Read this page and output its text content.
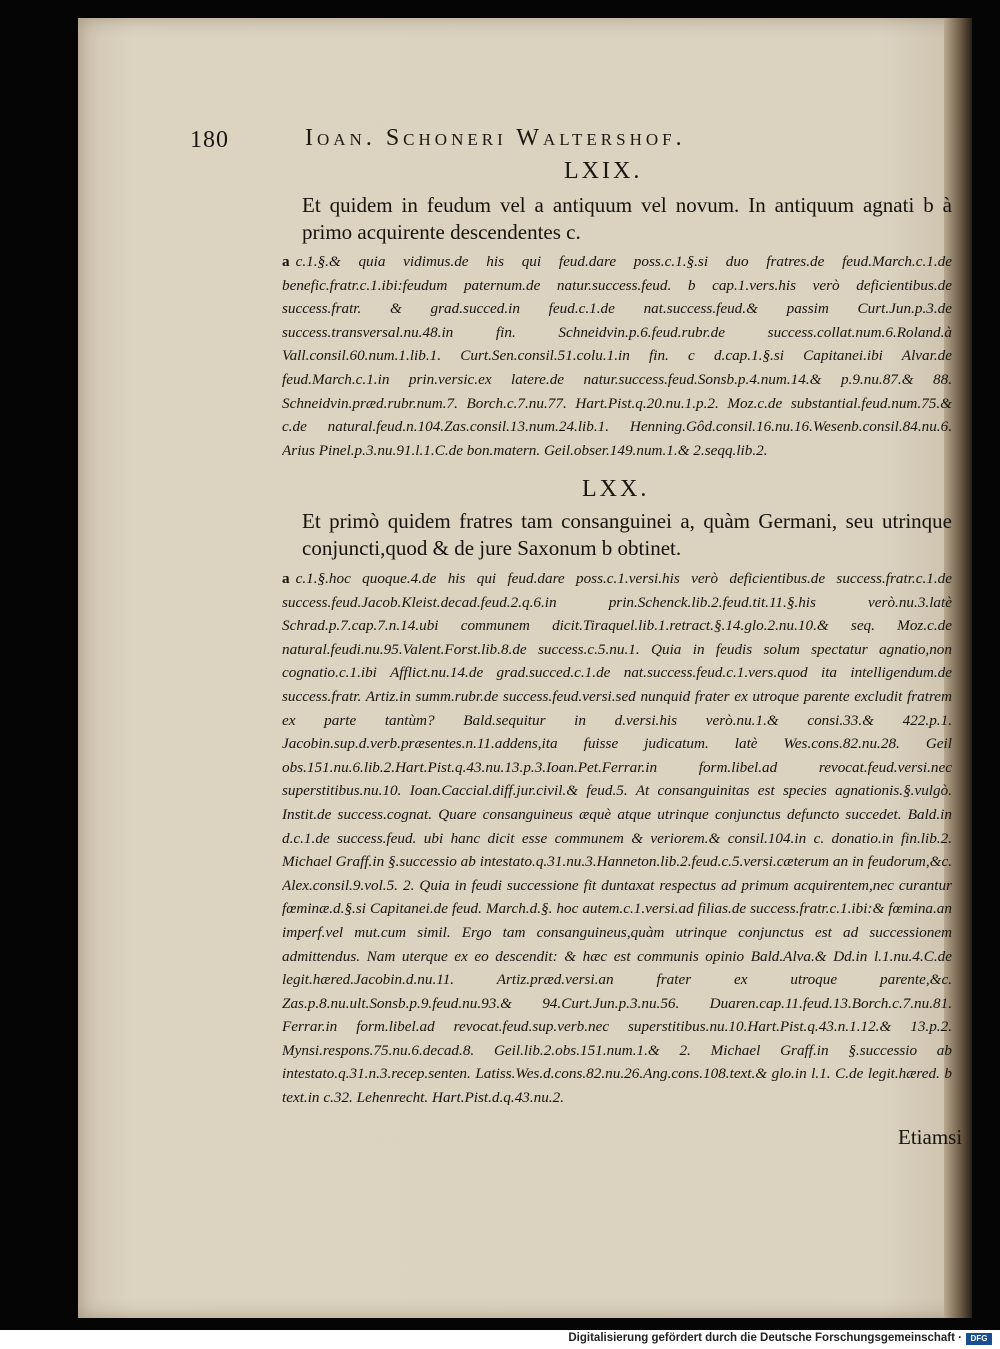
180	Ioan. Schoneri Waltershof.
LXIX.
Et quidem in feudum vel a antiquum vel novum. In antiquum agnati b à primo acquirente descendentes c.
a c.1.§.& quia vidimus.de his qui feud.dare poss.c.1.§.si duo fratres.de feud.March.c.1.de benefic.fratr.c.1.ibi:feudum paternum.de natur.success.feud. b cap.1.vers.his verò deficientibus.de success.fratr. & grad.succed.in feud.c.1.de nat.success.feud.& passim Curt.Jun.p.3.de success.transversal.nu.48.in fin. Schneidvin.p.6.feud.rubr.de success.collat.num.6.Roland.à Vall.consil.60.num.1.lib.1. Curt.Sen.consil.51.colu.1.in fin. c d.cap.1.§.si Capitanei.ibi Alvar.de feud.March.c.1.in prin.versic.ex latere.de natur.success.feud.Sonsb.p.4.num.14.& p.9.nu.87.& 88. Schneidvin.præd.rubr.num.7. Borch.c.7.nu.77. Hart.Pist.q.20.nu.1.p.2. Moz.c.de substantial.feud.num.75.& c.de natural.feud.n.104.Zas.consil.13.num.24.lib.1. Henning.Gôd.consil.16.nu.16.Wesenb.consil.84.nu.6. Arius Pinel.p.3.nu.91.l.1.C.de bon.matern. Geil.obser.149.num.1.& 2.seqq.lib.2.
LXX.
Et primò quidem fratres tam consanguinei a, quàm Germani, seu utrinque conjuncti,quod & de jure Saxonum b obtinet.
a c.1.§.hoc quoque.4.de his qui feud.dare poss.c.1.versi.his verò deficientibus.de success.fratr.c.1.de success.feud.Jacob.Kleist.decad.feud.2.q.6.in prin.Schenck.lib.2.feud.tit.11.§.his verò.nu.3.latè Schrad.p.7.cap.7.n.14.ubi communem dicit.Tiraquel.lib.1.retract.§.14.glo.2.nu.10.& seq. Moz.c.de natural.feudi.nu.95.Valent.Forst.lib.8.de success.c.5.nu.1. Quia in feudis solum spectatur agnatio,non cognatio.c.1.ibi Afflict.nu.14.de grad.succed.c.1.de nat.success.feud.c.1.vers.quod ita intelligendum.de success.fratr. Artiz.in summ.rubr.de success.feud.versi.sed nunquid frater ex utroque parente excludit fratrem ex parte tantùm? Bald.sequitur in d.versi.his verò.nu.1.& consi.33.& 422.p.1. Jacobin.sup.d.verb.præsentes.n.11.addens,ita fuisse judicatum. latè Wes.cons.82.nu.28. Geil obs.151.nu.6.lib.2.Hart.Pist.q.43.nu.13.p.3.Ioan.Pet.Ferrar.in form.libel.ad revocat.feud.versi.nec superstitibus.nu.10. Ioan.Caccial.diff.jur.civil.& feud.5. At consanguinitas est species agnationis.§.vulgò. Instit.de success.cognat. Quare consanguineus æquè atque utrinque conjunctus defuncto succedet. Bald.in d.c.1.de success.feud. ubi hanc dicit esse communem & veriorem.& consil.104.in c. donatio.in fin.lib.2. Michael Graff.in §.successio ab intestato.q.31.nu.3.Hanneton.lib.2.feud.c.5.versi.cæterum an in feudorum,&c. Alex.consil.9.vol.5. 2. Quia in feudi successione fit duntaxat respectus ad primum acquirentem,nec curantur fœminæ.d.§.si Capitanei.de feud. March.d.§. hoc autem.c.1.versi.ad filias.de success.fratr.c.1.ibi:& fœmina.an imperf.vel mut.cum simil. Ergo tam consanguineus,quàm utrinque conjunctus est ad successionem admittendus. Nam uterque ex eo descendit: & hæc est communis opinio Bald.Alva.& Dd.in l.1.nu.4.C.de legit.hæred.Jacobin.d.nu.11. Artiz.præd.versi.an frater ex utroque parente,&c. Zas.p.8.nu.ult.Sonsb.p.9.feud.nu.93.& 94.Curt.Jun.p.3.nu.56. Duaren.cap.11.feud.13.Borch.c.7.nu.81. Ferrar.in form.libel.ad revocat.feud.sup.verb.nec superstitibus.nu.10.Hart.Pist.q.43.n.1.12.& 13.p.2. Mynsi.respons.75.nu.6.decad.8. Geil.lib.2.obs.151.num.1.& 2. Michael Graff.in §.successio ab intestato.q.31.n.3.recep.senten. Latiss.Wes.d.cons.82.nu.26.Ang.cons.108.text.& glo.in l.1. C.de legit.hæred. b text.in c.32. Lehenrecht. Hart.Pist.d.q.43.nu.2.
Etiamsi
Digitalisierung gefördert durch die Deutsche Forschungsgemeinschaft ·	DFG
